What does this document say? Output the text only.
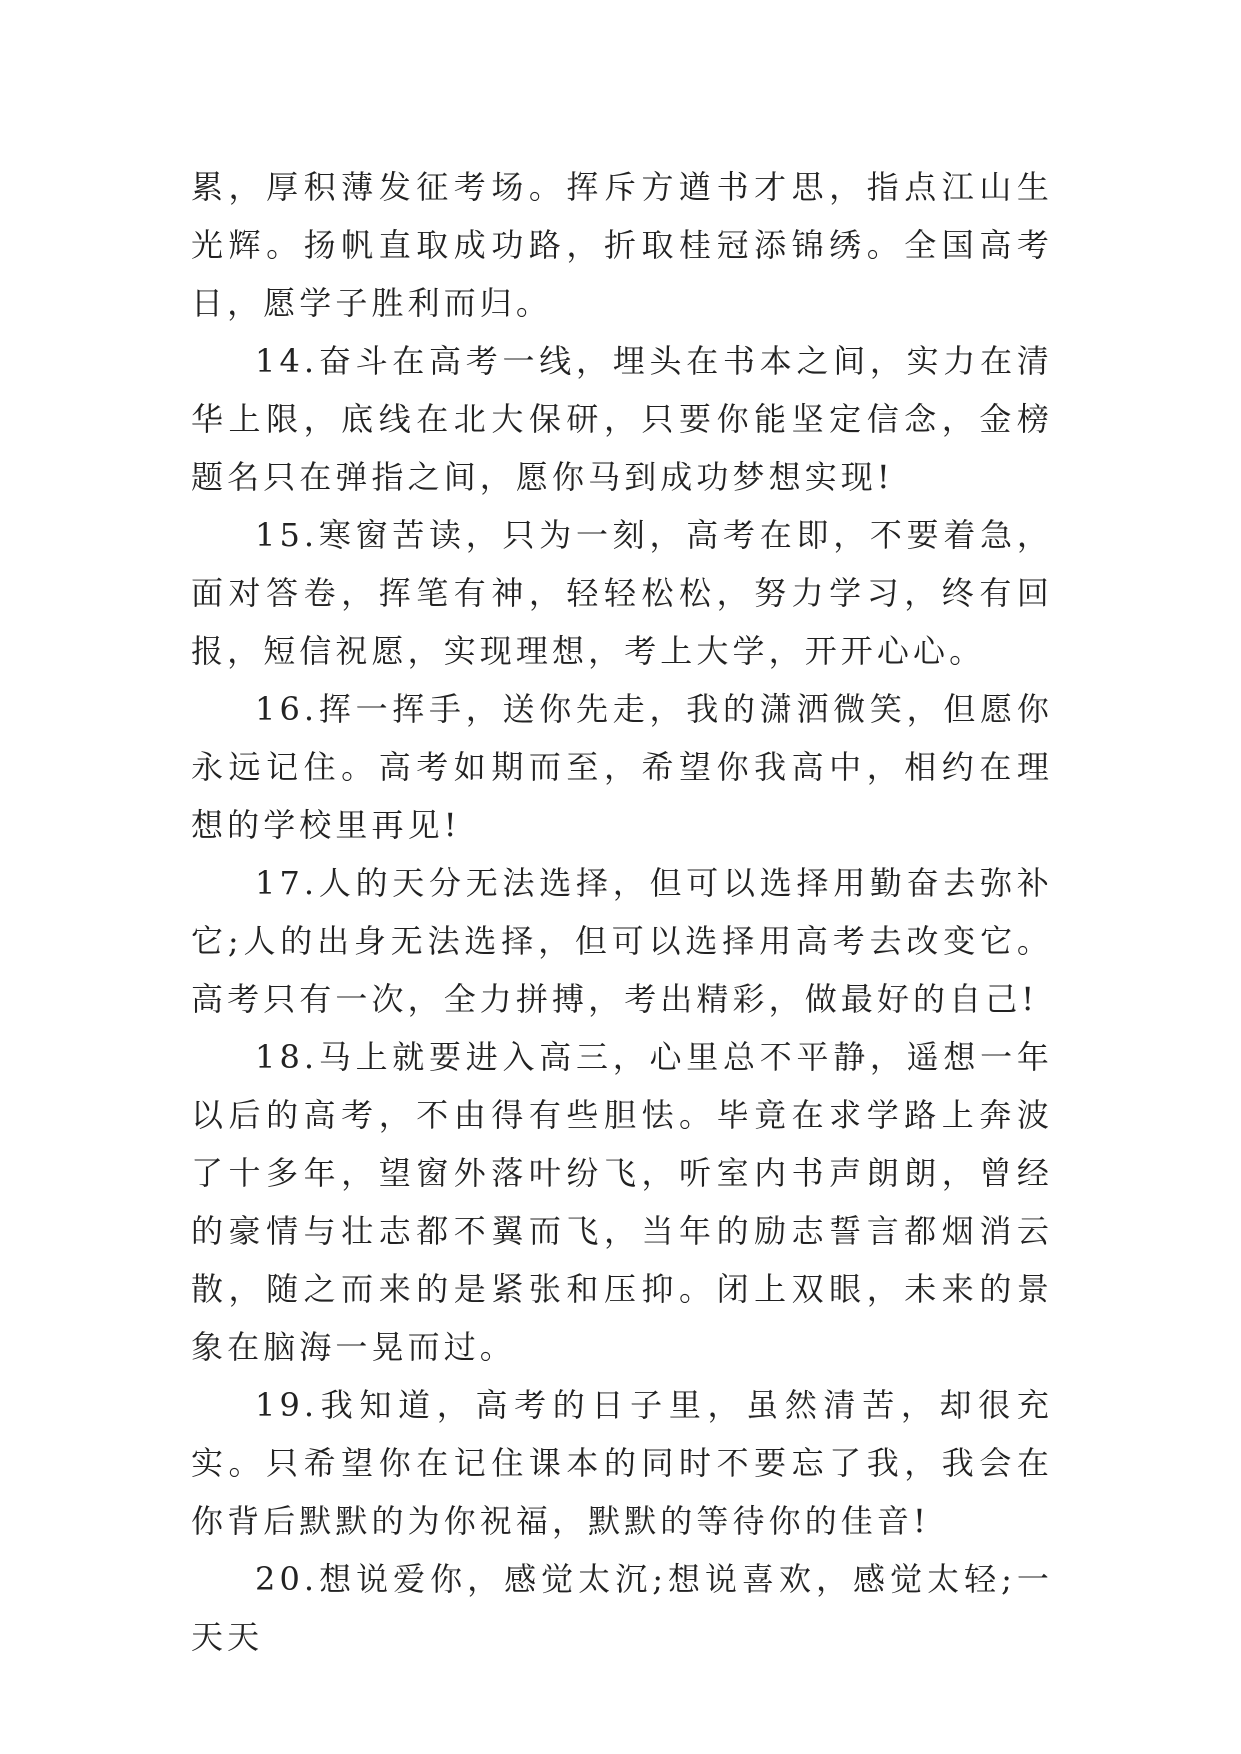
累，厚积薄发征考场。挥斥方遒书才思，指点江山生光辉。扬帆直取成功路，折取桂冠添锦绣。全国高考日，愿学子胜利而归。

14.奋斗在高考一线，埋头在书本之间，实力在清华上限，底线在北大保研，只要你能坚定信念，金榜题名只在弹指之间，愿你马到成功梦想实现!

15.寒窗苦读，只为一刻，高考在即，不要着急，面对答卷，挥笔有神，轻轻松松，努力学习，终有回报，短信祝愿，实现理想，考上大学，开开心心。

16.挥一挥手，送你先走，我的潇洒微笑，但愿你永远记住。高考如期而至，希望你我高中，相约在理想的学校里再见!

17.人的天分无法选择，但可以选择用勤奋去弥补它;人的出身无法选择，但可以选择用高考去改变它。高考只有一次，全力拼搏，考出精彩，做最好的自己!

18.马上就要进入高三，心里总不平静，遥想一年以后的高考，不由得有些胆怯。毕竟在求学路上奔波了十多年，望窗外落叶纷飞，听室内书声朗朗，曾经的豪情与壮志都不翼而飞，当年的励志誓言都烟消云散，随之而来的是紧张和压抑。闭上双眼，未来的景象在脑海一晃而过。

19.我知道，高考的日子里，虽然清苦，却很充实。只希望你在记住课本的同时不要忘了我，我会在你背后默默的为你祝福，默默的等待你的佳音!

20.想说爱你，感觉太沉;想说喜欢，感觉太轻;一天天
